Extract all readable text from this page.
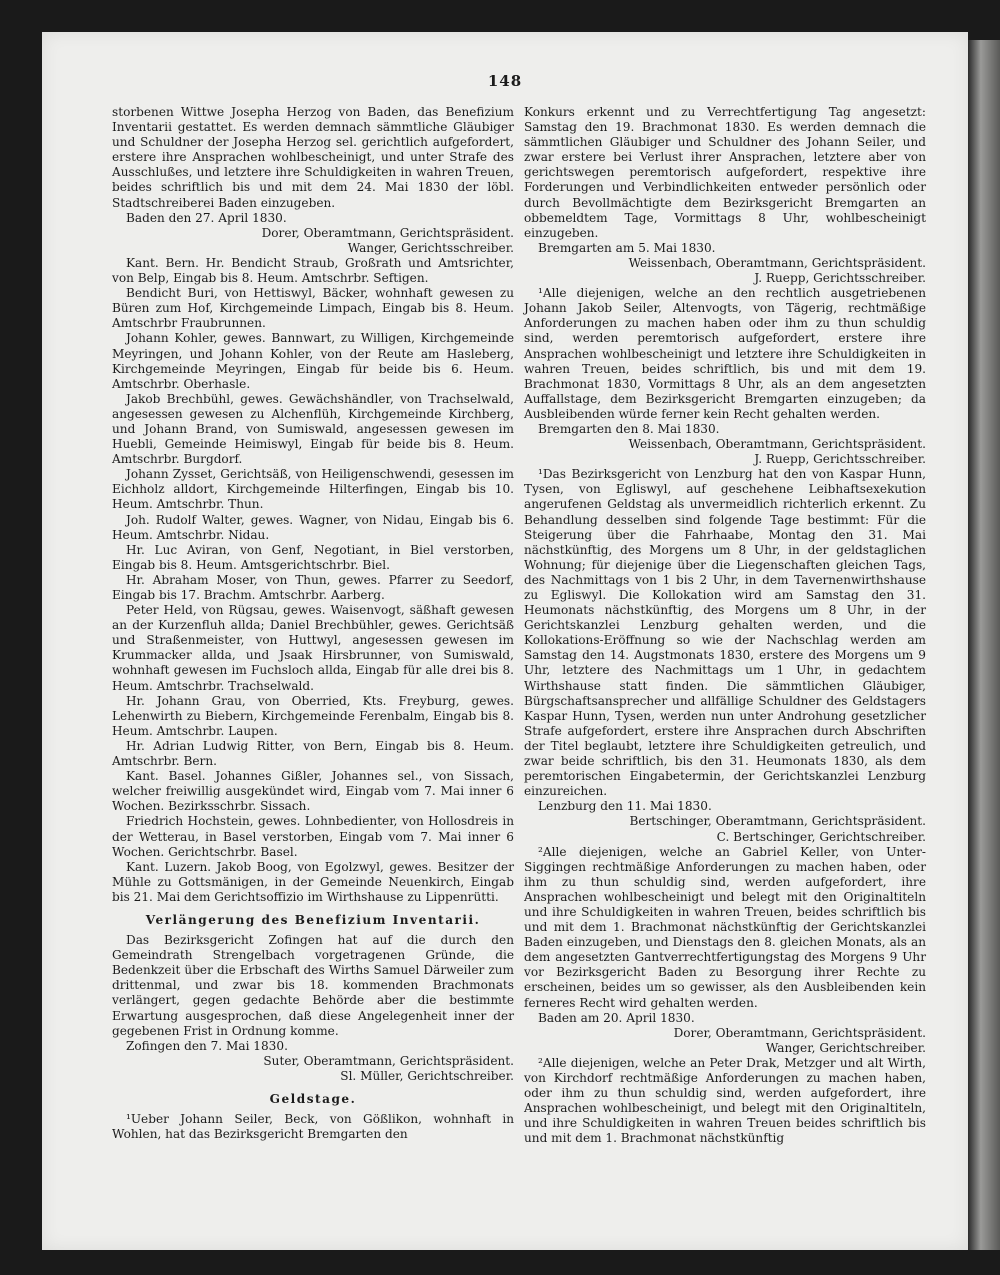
148

storbenen Wittwe Josepha Herzog von Baden, das Benefizium Inventarii gestattet. Es werden demnach sämmtliche Gläubiger und Schuldner der Josepha Herzog sel. gerichtlich aufgefordert, erstere ihre Ansprachen wohlbescheinigt, und unter Strafe des Ausschlußes, und letztere ihre Schuldigkeiten in wahren Treuen, beides schriftlich bis und mit dem 24. Mai 1830 der löbl. Stadtschreiberei Baden einzugeben.

Baden den 27. April 1830.

Dorer, Oberamtmann, Gerichtspräsident.

Wanger, Gerichtsschreiber.

Kant. Bern. Hr. Bendicht Straub, Großrath und Amtsrichter, von Belp, Eingab bis 8. Heum. Amtschrbr. Seftigen.

Bendicht Buri, von Hettiswyl, Bäcker, wohnhaft gewesen zu Büren zum Hof, Kirchgemeinde Limpach, Eingab bis 8. Heum. Amtschrbr Fraubrunnen.

Johann Kohler, gewes. Bannwart, zu Willigen, Kirchgemeinde Meyringen, und Johann Kohler, von der Reute am Hasleberg, Kirchgemeinde Meyringen, Eingab für beide bis 6. Heum. Amtschrbr. Oberhasle.

Jakob Brechbühl, gewes. Gewächshändler, von Trachselwald, angesessen gewesen zu Alchenflüh, Kirchgemeinde Kirchberg, und Johann Brand, von Sumiswald, angesessen gewesen im Huebli, Gemeinde Heimiswyl, Eingab für beide bis 8. Heum. Amtschrbr. Burgdorf.

Johann Zysset, Gerichtsäß, von Heiligenschwendi, gesessen im Eichholz alldort, Kirchgemeinde Hilterfingen, Eingab bis 10. Heum. Amtschrbr. Thun.

Joh. Rudolf Walter, gewes. Wagner, von Nidau, Eingab bis 6. Heum. Amtschrbr. Nidau.

Hr. Luc Aviran, von Genf, Negotiant, in Biel verstorben, Eingab bis 8. Heum. Amtsgerichtschrbr. Biel.

Hr. Abraham Moser, von Thun, gewes. Pfarrer zu Seedorf, Eingab bis 17. Brachm. Amtschrbr. Aarberg.

Peter Held, von Rügsau, gewes. Waisenvogt, säßhaft gewesen an der Kurzenfluh allda; Daniel Brechbühler, gewes. Gerichtsäß und Straßenmeister, von Huttwyl, angesessen gewesen im Krummacker allda, und Jsaak Hirsbrunner, von Sumiswald, wohnhaft gewesen im Fuchsloch allda, Eingab für alle drei bis 8. Heum. Amtschrbr. Trachselwald.

Hr. Johann Grau, von Oberried, Kts. Freyburg, gewes. Lehenwirth zu Biebern, Kirchgemeinde Ferenbalm, Eingab bis 8. Heum. Amtschrbr. Laupen.

Hr. Adrian Ludwig Ritter, von Bern, Eingab bis 8. Heum. Amtschrbr. Bern.

Kant. Basel. Johannes Gißler, Johannes sel., von Sissach, welcher freiwillig ausgekündet wird, Eingab vom 7. Mai inner 6 Wochen. Bezirksschrbr. Sissach.

Friedrich Hochstein, gewes. Lohnbedienter, von Hollosdreis in der Wetterau, in Basel verstorben, Eingab vom 7. Mai inner 6 Wochen. Gerichtschrbr. Basel.

Kant. Luzern. Jakob Boog, von Egolzwyl, gewes. Besitzer der Mühle zu Gottsmänigen, in der Gemeinde Neuenkirch, Eingab bis 21. Mai dem Gerichtsoffizio im Wirthshause zu Lippenrütti.

Verlängerung des Benefizium Inventarii.

Das Bezirksgericht Zofingen hat auf die durch den Gemeindrath Strengelbach vorgetragenen Gründe, die Bedenkzeit über die Erbschaft des Wirths Samuel Därweiler zum drittenmal, und zwar bis 18. kommenden Brachmonats verlängert, gegen gedachte Behörde aber die bestimmte Erwartung ausgesprochen, daß diese Angelegenheit inner der gegebenen Frist in Ordnung komme.

Zofingen den 7. Mai 1830.

Suter, Oberamtmann, Gerichtspräsident.

Sl. Müller, Gerichtschreiber.

Geldstage.

¹Ueber Johann Seiler, Beck, von Gößlikon, wohnhaft in Wohlen, hat das Bezirksgericht Bremgarten den

Konkurs erkennt und zu Verrechtfertigung Tag angesetzt: Samstag den 19. Brachmonat 1830. Es werden demnach die sämmtlichen Gläubiger und Schuldner des Johann Seiler, und zwar erstere bei Verlust ihrer Ansprachen, letztere aber von gerichtswegen peremtorisch aufgefordert, respektive ihre Forderungen und Verbindlichkeiten entweder persönlich oder durch Bevollmächtigte dem Bezirksgericht Bremgarten an obbemeldtem Tage, Vormittags 8 Uhr, wohlbescheinigt einzugeben.

Bremgarten am 5. Mai 1830.

Weissenbach, Oberamtmann, Gerichtspräsident.

J. Ruepp, Gerichtsschreiber.

¹Alle diejenigen, welche an den rechtlich ausgetriebenen Johann Jakob Seiler, Altenvogts, von Tägerig, rechtmäßige Anforderungen zu machen haben oder ihm zu thun schuldig sind, werden peremtorisch aufgefordert, erstere ihre Ansprachen wohlbescheinigt und letztere ihre Schuldigkeiten in wahren Treuen, beides schriftlich, bis und mit dem 19. Brachmonat 1830, Vormittags 8 Uhr, als an dem angesetzten Auffallstage, dem Bezirksgericht Bremgarten einzugeben; da Ausbleibenden würde ferner kein Recht gehalten werden.

Bremgarten den 8. Mai 1830.

Weissenbach, Oberamtmann, Gerichtspräsident.

J. Ruepp, Gerichtsschreiber.

¹Das Bezirksgericht von Lenzburg hat den von Kaspar Hunn, Tysen, von Egliswyl, auf geschehene Leibhaftsexekution angerufenen Geldstag als unvermeidlich richterlich erkennt. Zu Behandlung desselben sind folgende Tage bestimmt: Für die Steigerung über die Fahrhaabe, Montag den 31. Mai nächstkünftig, des Morgens um 8 Uhr, in der geldstaglichen Wohnung; für diejenige über die Liegenschaften gleichen Tags, des Nachmittags von 1 bis 2 Uhr, in dem Tavernenwirthshause zu Egliswyl. Die Kollokation wird am Samstag den 31. Heumonats nächstkünftig, des Morgens um 8 Uhr, in der Gerichtskanzlei Lenzburg gehalten werden, und die Kollokations-Eröffnung so wie der Nachschlag werden am Samstag den 14. Augstmonats 1830, erstere des Morgens um 9 Uhr, letztere des Nachmittags um 1 Uhr, in gedachtem Wirthshause statt finden. Die sämmtlichen Gläubiger, Bürgschaftsansprecher und allfällige Schuldner des Geldstagers Kaspar Hunn, Tysen, werden nun unter Androhung gesetzlicher Strafe aufgefordert, erstere ihre Ansprachen durch Abschriften der Titel beglaubt, letztere ihre Schuldigkeiten getreulich, und zwar beide schriftlich, bis den 31. Heumonats 1830, als dem peremtorischen Eingabetermin, der Gerichtskanzlei Lenzburg einzureichen.

Lenzburg den 11. Mai 1830.

Bertschinger, Oberamtmann, Gerichtspräsident.

C. Bertschinger, Gerichtschreiber.

²Alle diejenigen, welche an Gabriel Keller, von Unter-Siggingen rechtmäßige Anforderungen zu machen haben, oder ihm zu thun schuldig sind, werden aufgefordert, ihre Ansprachen wohlbescheinigt und belegt mit den Originaltiteln und ihre Schuldigkeiten in wahren Treuen, beides schriftlich bis und mit dem 1. Brachmonat nächstkünftig der Gerichtskanzlei Baden einzugeben, und Dienstags den 8. gleichen Monats, als an dem angesetzten Gantverrechtfertigungstag des Morgens 9 Uhr vor Bezirksgericht Baden zu Besorgung ihrer Rechte zu erscheinen, beides um so gewisser, als den Ausbleibenden kein ferneres Recht wird gehalten werden.

Baden am 20. April 1830.

Dorer, Oberamtmann, Gerichtspräsident.

Wanger, Gerichtschreiber.

²Alle diejenigen, welche an Peter Drak, Metzger und alt Wirth, von Kirchdorf rechtmäßige Anforderungen zu machen haben, oder ihm zu thun schuldig sind, werden aufgefordert, ihre Ansprachen wohlbescheinigt, und belegt mit den Originaltiteln, und ihre Schuldigkeiten in wahren Treuen beides schriftlich bis und mit dem 1. Brachmonat nächstkünftig
